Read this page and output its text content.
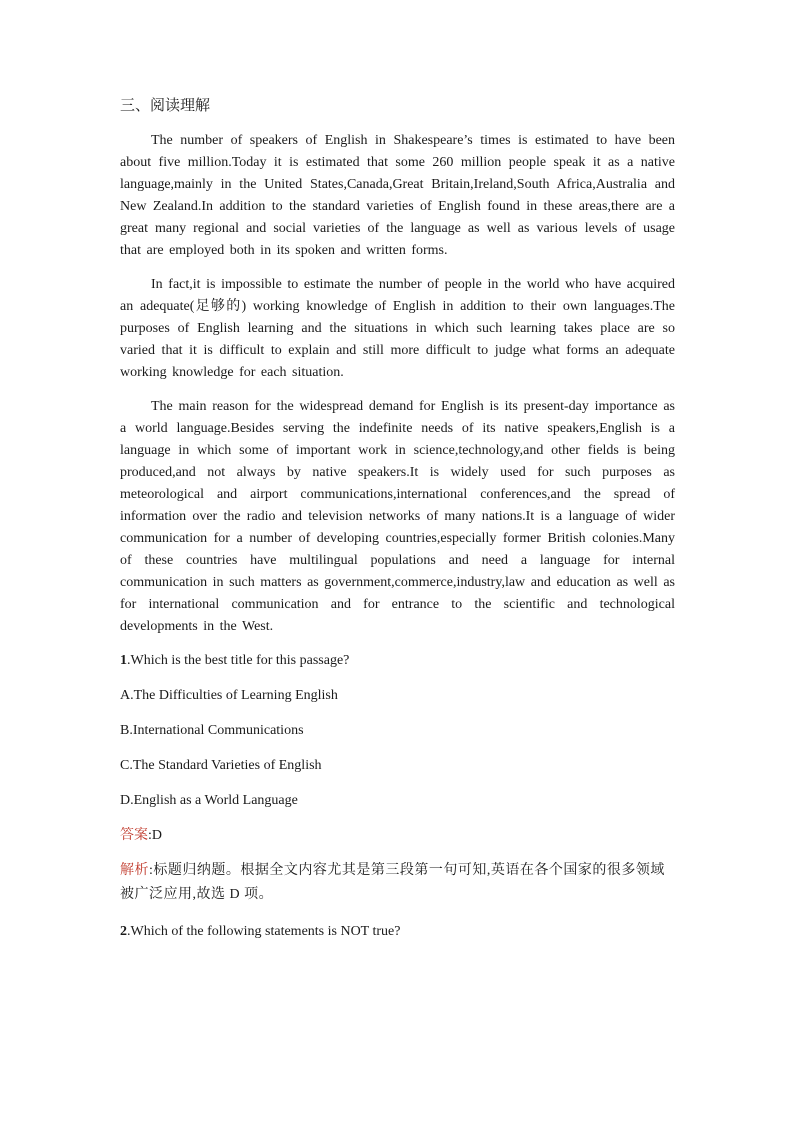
三、阅读理解

The number of speakers of English in Shakespeare’s times is estimated to have been about five million.Today it is estimated that some 260 million people speak it as a native language,mainly in the United States,Canada,Great Britain,Ireland,South Africa,Australia and New Zealand.In addition to the standard varieties of English found in these areas,there are a great many regional and social varieties of the language as well as various levels of usage that are employed both in its spoken and written forms.

In fact,it is impossible to estimate the number of people in the world who have acquired an adequate(足够的) working knowledge of English in addition to their own languages.The purposes of English learning and the situations in which such learning takes place are so varied that it is difficult to explain and still more difficult to judge what forms an adequate working knowledge for each situation.

The main reason for the widespread demand for English is its present-day importance as a world language.Besides serving the indefinite needs of its native speakers,English is a language in which some of important work in science,technology,and other fields is being produced,and not always by native speakers.It is widely used for such purposes as meteorological and airport communications,international conferences,and the spread of information over the radio and television networks of many nations.It is a language of wider communication for a number of developing countries,especially former British colonies.Many of these countries have multilingual populations and need a language for internal communication in such matters as government,commerce,industry,law and education as well as for international communication and for entrance to the scientific and technological developments in the West.

1.Which is the best title for this passage?
A.The Difficulties of Learning English
B.International Communications
C.The Standard Varieties of English
D.English as a World Language
答案:D
解析:标题归纳题。根据全文内容尤其是第三段第一句可知,英语在各个国家的很多领域被广泛应用,故选 D 项。
2.Which of the following statements is NOT true?
